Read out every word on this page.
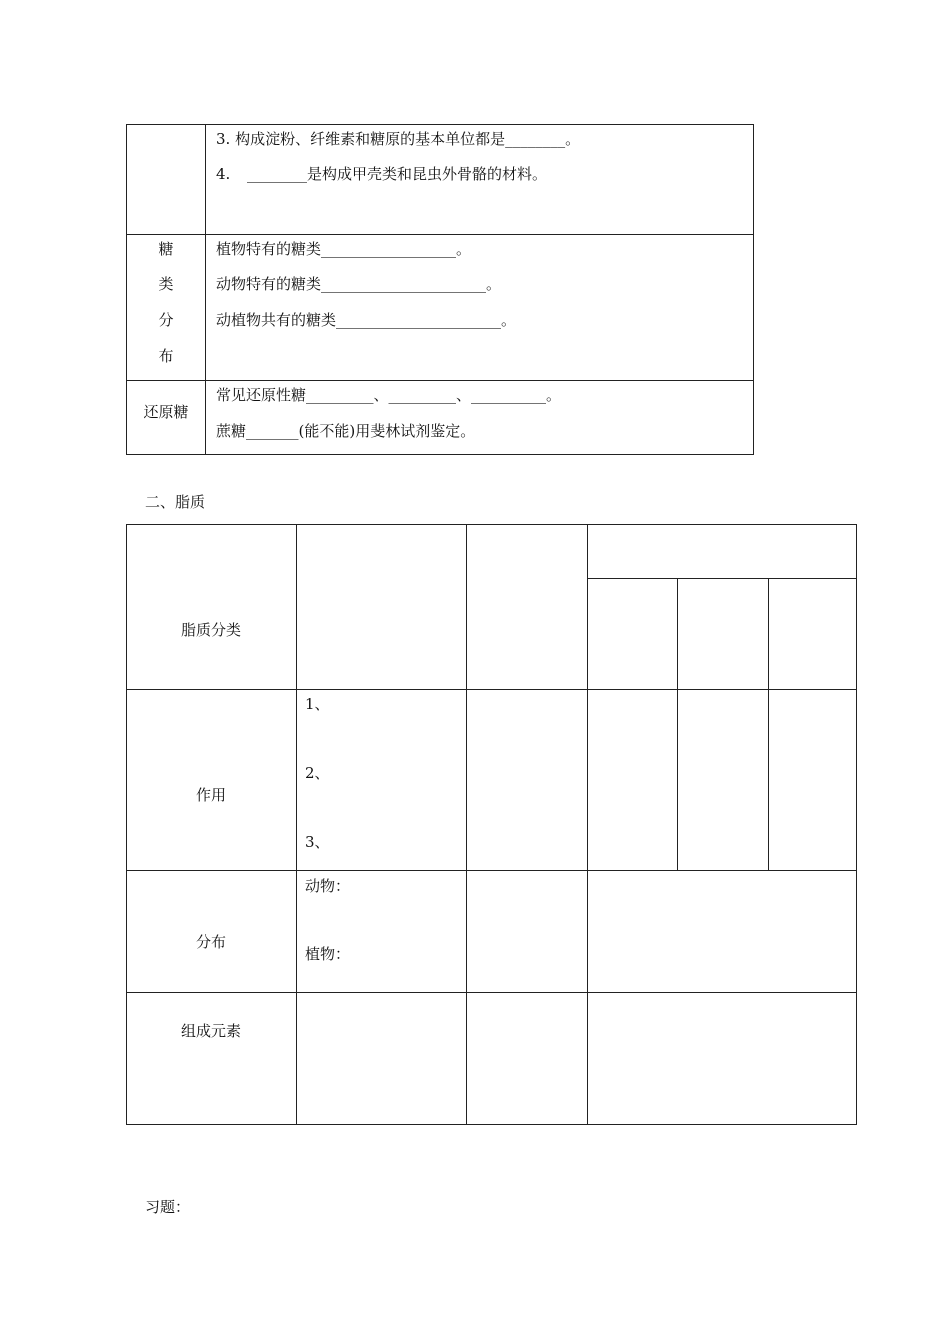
3. 构成淀粉、纤维素和糖原的基本单位都是________。
4. ________是构成甲壳类和昆虫外骨骼的材料。
糖
类
分
布
植物特有的糖类__________________。
动物特有的糖类______________________。
动植物共有的糖类______________________。
还原糖
常见还原性糖_________、_________、__________。
蔗糖_______(能不能)用斐林试剂鉴定。
二、脂质
脂质分类
作用
1、
2、
3、
分布
动物：
植物：
组成元素
习题：
